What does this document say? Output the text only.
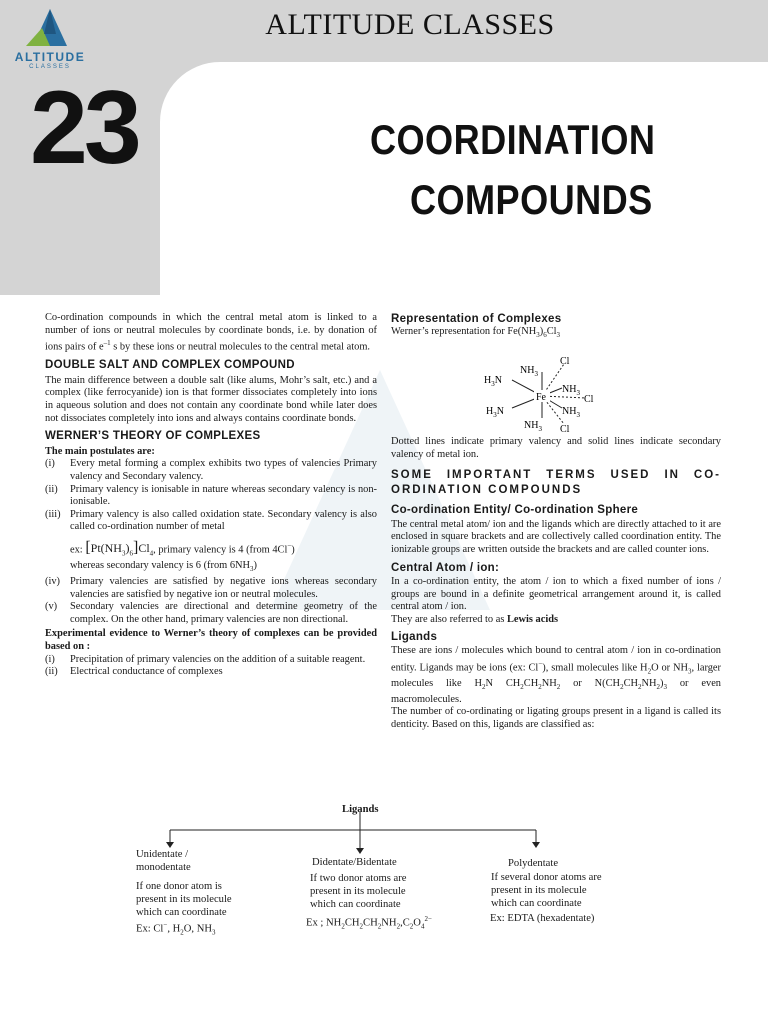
ALTITUDE
CLASSES
ALTITUDE CLASSES
23	COORDINATION
COMPOUNDS

Co-ordination compounds in which the central metal atom is linked to a number of ions or neutral molecules by coordinate bonds, i.e. by donation of ions pairs of $e^{-1}$ s by these ions or neutral molecules to the central metal atom.

DOUBLE SALT AND COMPLEX COMPOUND

The main difference between a double salt (like alums, Mohr’s salt, etc.) and a complex (like ferrocyanide) ion is that former dissociates completely into ions in aqueous solution and does not contain any coordinate bond while later does not dissociates completely into ions and always contains coordinate bonds.

WERNER’S THEORY OF COMPLEXES

The main postulates are:

(i) Every metal forming a complex exhibits two types of valencies Primary valency and Secondary valency.
(ii) Primary valency is ionisable in nature whereas secondary valency is non-ionisable.
(iii) Primary valency is also called oxidation state. Secondary valency is also called co-ordination number of metal
ex: $[Pt(NH_3)_6]Cl_4$, primary valency is 4 (from 4Cl−)
whereas secondary valency is 6 (from $6NH_3$)
(iv) Primary valencies are satisfied by negative ions whereas secondary valencies are satisfied by negative ion or neutral molecules.
(v) Secondary valencies are directional and determine geometry of the complex. On the other hand, primary valencies are non directional.

Experimental evidence to Werner’s theory of complexes can be provided based on :

(i) Precipitation of primary valencies on the addition of a suitable reagent.
(ii) Electrical conductance of complexes

Representation of Complexes

Werner’s representation for $Fe(NH_3)_6Cl_3$

Fe
$NH_3$
$H_3N$
$H_3N$
$NH_3$
$NH_3$
$NH_3$
Cl
Cl
Cl

Dotted lines indicate primary valency and solid lines indicate secondary valency of metal ion.

SOME IMPORTANT TERMS USED IN CO-ORDINATION COMPOUNDS

Co-ordination Entity/ Co-ordination Sphere

The central metal atom/ ion and the ligands which are directly attached to it are enclosed in square brackets and are collectively called coordination entity. The ionizable groups are written outside the brackets and are called counter ions.

Central Atom / ion:

In a co-ordination entity, the atom / ion to which a fixed number of ions / groups are bound in a definite geometrical arrangement around it, is called central atom / ion.

They are also referred to as Lewis acids

Ligands

These are ions / molecules which bound to central atom / ion in co-ordination entity. Ligands may be ions (ex: Cl−), small molecules like $H_2O$ or $NH_3$, larger molecules like $H_2N$ $CH_2CH_2NH_2$ or $N(CH_2CH_2NH_2)_3$ or even macromolecules.

The number of co-ordinating or ligating groups present in a ligand is called its denticity. Based on this, ligands are classified as:

Ligands
Unidentate /
monodentate
If one donor atom is
present in its molecule
which can coordinate
Ex: Cl−, $H_2O$, $NH_3$
Didentate/Bidentate
If two donor atoms are
present in its molecule
which can coordinate
Ex ; $NH_2CH_2CH_2NH_2,C_2O_4^{2-}$
Polydentate
If several donor atoms are
present in its molecule
which can coordinate
Ex: EDTA (hexadentate)
